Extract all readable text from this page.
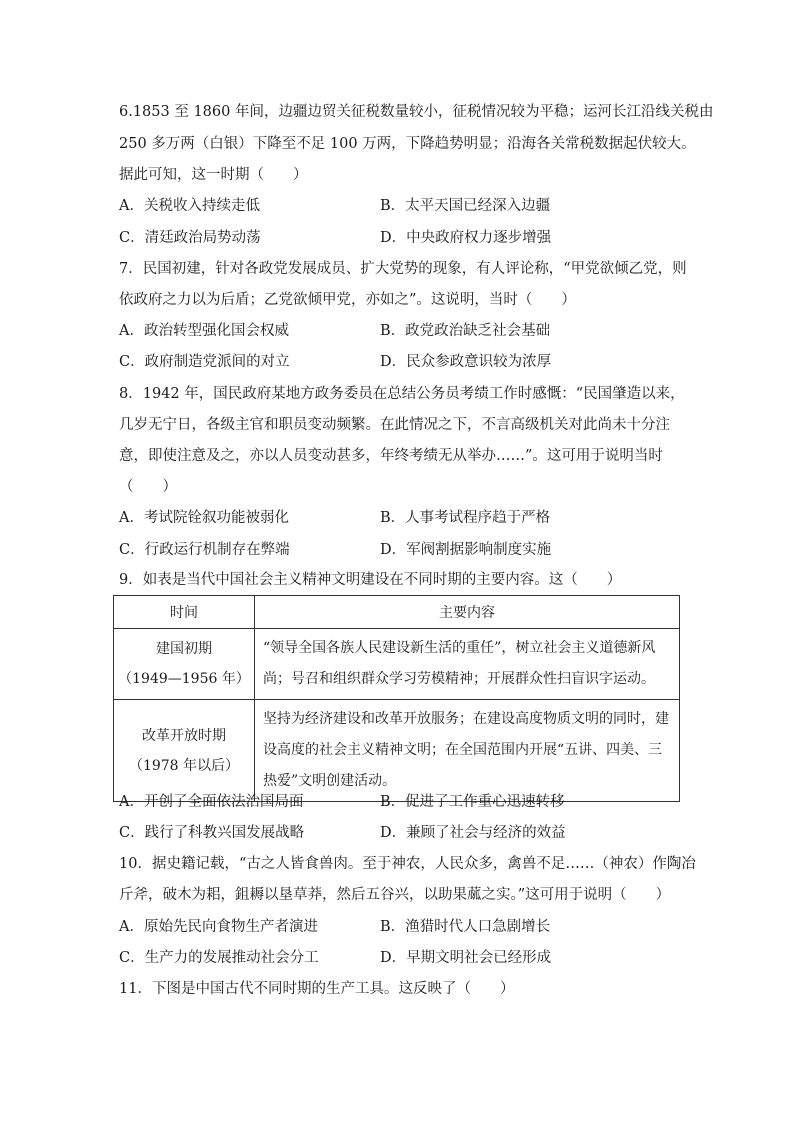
6.1853 至 1860 年间，边疆边贸关征税数量较小，征税情况较为平稳；运河长江沿线关税由
250 多万两（白银）下降至不足 100 万两，下降趋势明显；沿海各关常税数据起伏较大。
据此可知，这一时期（　　）
A．关税收入持续走低	B．太平天国已经深入边疆
C．清廷政治局势动荡	D．中央政府权力逐步增强
7．民国初建，针对各政党发展成员、扩大党势的现象，有人评论称，“甲党欲倾乙党，则
依政府之力以为后盾；乙党欲倾甲党，亦如之”。这说明，当时（　　）
A．政治转型强化国会权威	B．政党政治缺乏社会基础
C．政府制造党派间的对立	D．民众参政意识较为浓厚
8．1942 年，国民政府某地方政务委员在总结公务员考绩工作时感慨：“民国肇造以来，
几岁无宁日，各级主官和职员变动频繁。在此情况之下，不言高级机关对此尚未十分注
意，即使注意及之，亦以人员变动甚多，年终考绩无从举办……”。这可用于说明当时
（　　）
A．考试院铨叙功能被弱化	B．人事考试程序趋于严格
C．行政运行机制存在弊端	D．军阀割据影响制度实施
9．如表是当代中国社会主义精神文明建设在不同时期的主要内容。这（　　）
时间	主要内容

建国初期
（1949—1956 年）	“领导全国各族人民建设新生活的重任”，树立社会主义道德新风尚；号召和组织群众学习劳模精神；开展群众性扫盲识字运动。

改革开放时期
（1978 年以后）	坚持为经济建设和改革开放服务；在建设高度物质文明的同时，建设高度的社会主义精神文明；在全国范围内开展“五讲、四美、三热爱”文明创建活动。
A．开创了全面依法治国局面	B．促进了工作重心迅速转移
C．践行了科教兴国发展战略	D．兼顾了社会与经济的效益
10．据史籍记载，“古之人皆食兽肉。至于神农，人民众多，禽兽不足……（神农）作陶冶
斤斧，破木为耜，鉏耨以垦草莽，然后五谷兴，以助果蓏之实。”这可用于说明（　　）
A．原始先民向食物生产者演进	B．渔猎时代人口急剧增长
C．生产力的发展推动社会分工	D．早期文明社会已经形成
11．下图是中国古代不同时期的生产工具。这反映了（　　）
